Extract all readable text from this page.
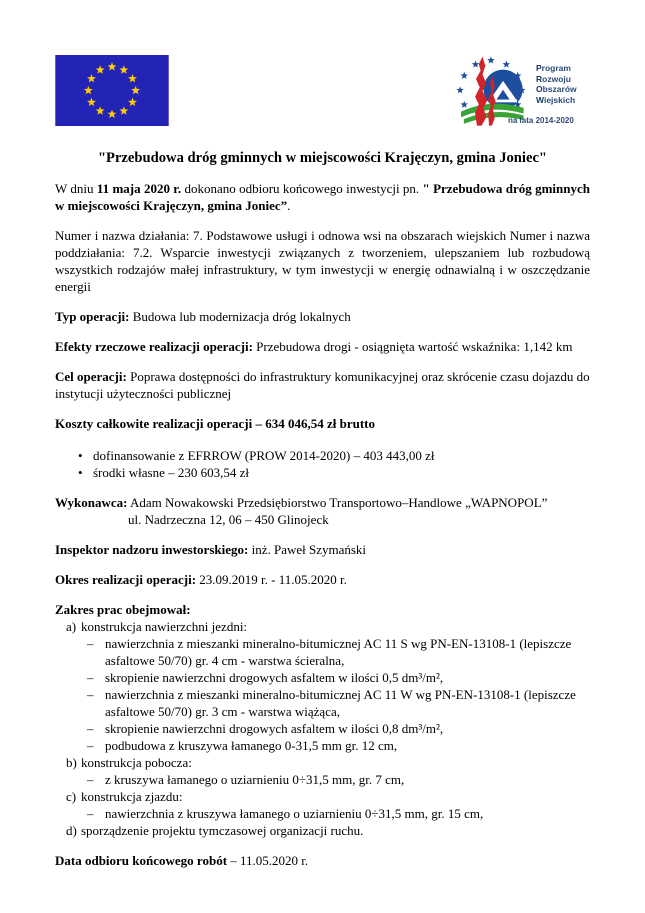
Program
Rozwoju
Obszarów
Wiejskich
na lata 2014-2020
"Przebudowa dróg gminnych w miejscowości Krajęczyn, gmina Joniec"

W dniu 11 maja 2020 r. dokonano odbioru końcowego inwestycji pn. " Przebudowa dróg gminnych w miejscowości Krajęczyn, gmina Joniec”.

Numer i nazwa działania: 7. Podstawowe usługi i odnowa wsi na obszarach wiejskich Numer i nazwa poddziałania: 7.2. Wsparcie inwestycji związanych z tworzeniem, ulepszaniem lub rozbudową wszystkich rodzajów małej infrastruktury, w tym inwestycji w energię odnawialną i w oszczędzanie energii

Typ operacji: Budowa lub modernizacja dróg lokalnych

Efekty rzeczowe realizacji operacji: Przebudowa drogi - osiągnięta wartość wskaźnika: 1,142 km

Cel operacji: Poprawa dostępności do infrastruktury komunikacyjnej oraz skrócenie czasu dojazdu do instytucji użyteczności publicznej

Koszty całkowite realizacji operacji – 634 046,54 zł brutto

• dofinansowanie z EFRROW (PROW 2014-2020) – 403 443,00 zł
• środki własne – 230 603,54 zł

Wykonawca: Adam Nowakowski Przedsiębiorstwo Transportowo–Handlowe „WAPNOPOL”

ul. Nadrzeczna 12, 06 – 450 Glinojeck

Inspektor nadzoru inwestorskiego: inż. Paweł Szymański

Okres realizacji operacji: 23.09.2019 r. - 11.05.2020 r.

Zakres prac obejmował:

a) konstrukcja nawierzchni jezdni:
– nawierzchnia z mieszanki mineralno-bitumicznej AC 11 S wg PN-EN-13108-1 (lepiszcze asfaltowe 50/70) gr. 4 cm - warstwa ścieralna,
– skropienie nawierzchni drogowych asfaltem w ilości 0,5 dm³/m²,
– nawierzchnia z mieszanki mineralno-bitumicznej AC 11 W wg PN-EN-13108-1 (lepiszcze asfaltowe 50/70) gr. 3 cm - warstwa wiążąca,
– skropienie nawierzchni drogowych asfaltem w ilości 0,8 dm³/m²,
– podbudowa z kruszywa łamanego 0-31,5 mm gr. 12 cm,
b) konstrukcja pobocza:
– z kruszywa łamanego o uziarnieniu 0÷31,5 mm, gr. 7 cm,
c) konstrukcja zjazdu:
– nawierzchnia z kruszywa łamanego o uziarnieniu 0÷31,5 mm, gr. 15 cm,
d) sporządzenie projektu tymczasowej organizacji ruchu.

Data odbioru końcowego robót – 11.05.2020 r.
